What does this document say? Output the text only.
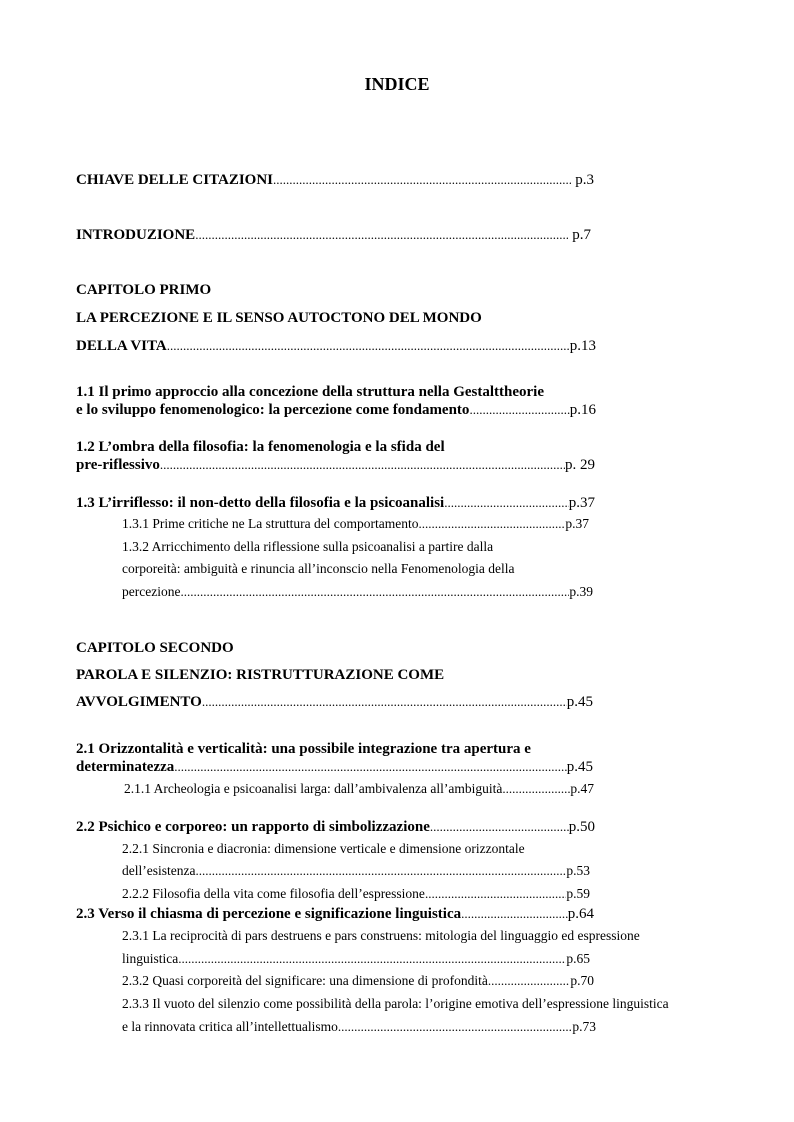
INDICE
CHIAVE DELLE CITAZIONI .....	p.3
INTRODUZIONE .....	p.7
CAPITOLO PRIMO
LA PERCEZIONE E IL SENSO AUTOCTONO DEL MONDO
DELLA VITA .....	p.13
1.1 Il primo approccio alla concezione della struttura nella Gestalttheorie
e lo sviluppo fenomenologico: la percezione come fondamento .....	p.16
1.2 L’ombra della filosofia: la fenomenologia e la sfida del
pre-riflessivo .....	p. 29
1.3 L’irriflesso: il non-detto della filosofia e la psicoanalisi .....	p.37
1.3.1 Prime critiche ne La struttura del comportamento .....	p.37
1.3.2 Arricchimento della riflessione sulla psicoanalisi a partire dalla
corporeità: ambiguità e rinuncia all’inconscio nella Fenomenologia della
percezione .....	p.39
CAPITOLO SECONDO
PAROLA E SILENZIO: RISTRUTTURAZIONE COME
AVVOLGIMENTO .....	p.45
2.1 Orizzontalità e verticalità: una possibile integrazione tra apertura e
determinatezza .....	p.45
2.1.1 Archeologia e psicoanalisi larga: dall’ambivalenza all’ambiguità .....	p.47
2.2 Psichico e corporeo: un rapporto di simbolizzazione .....	p.50
2.2.1 Sincronia e diacronia: dimensione verticale e dimensione orizzontale
dell’esistenza .....	p.53
2.2.2 Filosofia della vita come filosofia dell’espressione .....	p.59
2.3 Verso il chiasma di percezione e significazione linguistica .....	p.64
2.3.1 La reciprocità di pars destruens e pars construens: mitologia del linguaggio ed espressione
linguistica .....	p.65
2.3.2 Quasi corporeità del significare: una dimensione di profondità .....	p.70
2.3.3 Il vuoto del silenzio come possibilità della parola: l’origine emotiva dell’espressione linguistica
e la rinnovata critica all’intellettualismo .....	p.73
